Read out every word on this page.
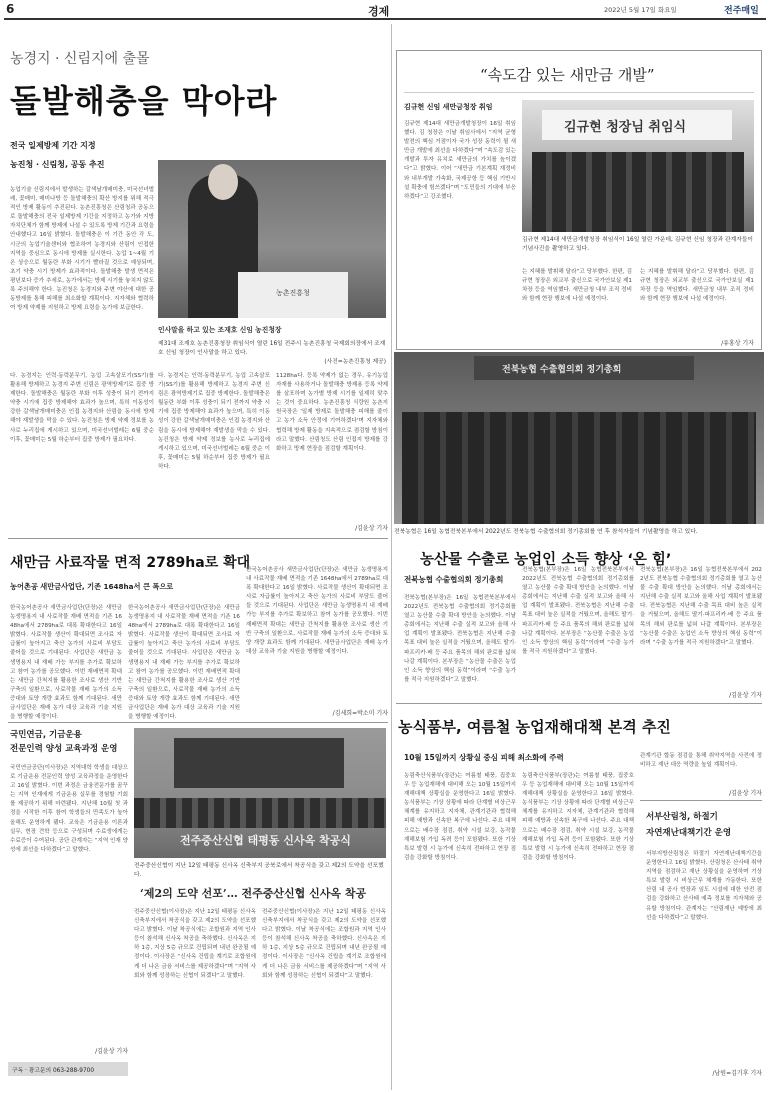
6	경제	2022년 5월 17일 화요일	전주매일
농경지 · 신림지에 출몰
돌발해충을 막아라
전국 일제방제 기간 지정
농진청 · 신림청, 공동 추진
농업기술 신림지에서 발생하는 갈색날개매미충, 미국선녀벌레, 꽃매미, 매미나방 등 돌발해충의 확산 방지를 위해 적극적인 방제 활동이 추진된다. 농촌진흥청은 산림청과 공동으로 돌발해충의 전국 일제방제 기간을 지정하고 농가와 지방자치단체가 함께 방제에 나설 수 있도록 방제 기간과 요령을 안내했다고 16일 밝혔다. 돌발해충은 이 기간 동안 각 도, 시군의 농업기술센터와 협조하여 농경지와 산림이 인접한 지역을 중심으로 동시에 방제를 실시한다. 농업 1~4월 기온 상승으로 월동란 부화 시기가 빨라질 것으로 예상되며, 초기 약충 시기 방제가 효과적이다. 돌발해충 발생 면적은 평년보다 증가 추세로, 농가에서는 방제 시기를 놓치지 않도록 주의해야 한다. 농진청은 농경지와 주변 야산에 대한 공동방제를 통해 피해를 최소화할 계획이다. 지자체와 협력하여 방제 약제를 지원하고 방제 요령을 농가에 보급한다.
농촌진흥청
인사말을 하고 있는 조재호 신임 농진청장
제31대 조재호 농촌진흥청장 취임식이 열린 16일 전주시 농촌진흥청 국제회의장에서 조재호 신임 청장이 인사말을 하고 있다.
(사진=농촌진흥청 제공)
다. 농경지는 인력·동력분무기, 농업 고속살포기(SS기)를 활용해 방제하고 농경지 주변 신림은 광역방제기로 집중 방제한다. 돌발해충은 월동란 부화 이후 성충이 되기 전까지 약충 시기에 집중 방제해야 효과가 높으며, 특히 이동성이 강한 갈색날개매미충은 인접 농경지와 산림을 동시에 방제해야 재발생을 막을 수 있다. 농진청은 방제 약제 정보를 농사로 누리집에 게시하고 있으며, 미국선녀벌레는 6월 중순 이후, 꽃매미는 5월 하순부터 집중 방제가 필요하다.
1128ha다. 등록 약제가 없는 경우, 유기농업자재를 사용하거나 돌발해충 방제용 등록 약제를 살포하며 농가별 방제 시기를 일제히 맞추는 것이 중요하다. 농촌진흥청 식량원 농촌지원국장은 '일제 방제로 돌발해충 피해를 줄이고 농가 소득 안정에 기여하겠다'며 지자체와 협력해 방제 활동을 지속적으로 점검할 방침이라고 말했다. 산림청도 산림 인접지 방제를 강화하고 방제 현장을 점검할 계획이다.
다. 농경지는 인력·동력분무기, 농업 고속살포기(SS기)를 활용해 방제하고 농경지 주변 신림은 광역방제기로 집중 방제한다. 돌발해충은 월동란 부화 이후 성충이 되기 전까지 약충 시기에 집중 방제해야 효과가 높으며, 특히 이동성이 강한 갈색날개매미충은 인접 농경지와 산림을 동시에 방제해야 재발생을 막을 수 있다. 농진청은 방제 약제 정보를 농사로 누리집에 게시하고 있으며, 미국선녀벌레는 6월 중순 이후, 꽃매미는 5월 하순부터 집중 방제가 필요하다.
/김윤상 기자
새만금 사료작물 면적 2789ha로 확대
농어촌공 새만금사업단, 기존 1648ha서 큰 폭으로
한국농어촌공사 새만금사업단(단장)은 새만금 농생명용지 내 사료작물 재배 면적을 기존 1648ha에서 2789ha로 대폭 확대한다고 16일 밝혔다. 사료작물 생산이 확대되면 조사료 자급률이 높아지고 축산 농가의 사료비 부담도 줄어들 것으로 기대된다. 사업단은 새만금 농생명용지 내 재배 가능 부지를 추가로 확보하고 참여 농가를 공모했다. 이번 재배면적 확대는 새만금 간척지를 활용한 조사료 생산 기반 구축의 일환으로, 사료작물 재배 농가의 소득 증대와 토양 개량 효과도 함께 기대된다. 새만금사업단은 재배 농가 대상 교육과 기술 지원을 병행할 예정이다.
한국농어촌공사 새만금사업단(단장)은 새만금 농생명용지 내 사료작물 재배 면적을 기존 1648ha에서 2789ha로 대폭 확대한다고 16일 밝혔다. 사료작물 생산이 확대되면 조사료 자급률이 높아지고 축산 농가의 사료비 부담도 줄어들 것으로 기대된다. 사업단은 새만금 농생명용지 내 재배 가능 부지를 추가로 확보하고 참여 농가를 공모했다. 이번 재배면적 확대는 새만금 간척지를 활용한 조사료 생산 기반 구축의 일환으로, 사료작물 재배 농가의 소득 증대와 토양 개량 효과도 함께 기대된다. 새만금사업단은 재배 농가 대상 교육과 기술 지원을 병행할 예정이다.
한국농어촌공사 새만금사업단(단장)은 새만금 농생명용지 내 사료작물 재배 면적을 기존 1648ha에서 2789ha로 대폭 확대한다고 16일 밝혔다. 사료작물 생산이 확대되면 조사료 자급률이 높아지고 축산 농가의 사료비 부담도 줄어들 것으로 기대된다. 사업단은 새만금 농생명용지 내 재배 가능 부지를 추가로 확보하고 참여 농가를 공모했다. 이번 재배면적 확대는 새만금 간척지를 활용한 조사료 생산 기반 구축의 일환으로, 사료작물 재배 농가의 소득 증대와 토양 개량 효과도 함께 기대된다. 새만금사업단은 재배 농가 대상 교육과 기술 지원을 병행할 예정이다.
/김세희=박소미 기자
국민연금, 기금운용
전문인력 양성 교육과정 운영
국민연금공단(이사장)은 지역대학 학생을 대상으로 기금운용 전문인력 양성 교육과정을 운영한다고 16일 밝혔다. 이번 과정은 금융전문가를 꿈꾸는 지역 인재에게 기금운용 실무를 경험할 기회를 제공하기 위해 마련됐다. 지난해 10월 첫 과정을 시작한 이후 참여 학생들의 만족도가 높아 올해도 운영하게 됐다. 교육은 기금운용 이론과 실무, 현장 견학 등으로 구성되며 수료생에게는 수료증이 수여된다. 공단 관계자는 “지역 인재 양성에 최선을 다하겠다”고 말했다.
/김윤상 기자
구독 · 광고문의 063-288-9700
전주중산신협 태평동 신사옥 착공식
전주중산신협이 지난 12일 태평동 신사옥 신축부지 공북로에서 착공식을 갖고 제2의 도약을 선포했다.
‘제2의 도약 선포’… 전주중산신협 신사옥 착공
전주중산신협(이사장)은 지난 12일 태평동 신사옥 신축부지에서 착공식을 갖고 제2의 도약을 선포했다고 밝혔다. 이날 착공식에는 조합원과 지역 인사 등이 참석해 신사옥 착공을 축하했다. 신사옥은 지하 1층, 지상 5층 규모로 건립되며 내년 완공될 예정이다. 이사장은 “신사옥 건립을 계기로 조합원에게 더 나은 금융 서비스를 제공하겠다”며 “지역 사회와 함께 성장하는 신협이 되겠다”고 말했다.
전주중산신협(이사장)은 지난 12일 태평동 신사옥 신축부지에서 착공식을 갖고 제2의 도약을 선포했다고 밝혔다. 이날 착공식에는 조합원과 지역 인사 등이 참석해 신사옥 착공을 축하했다. 신사옥은 지하 1층, 지상 5층 규모로 건립되며 내년 완공될 예정이다. 이사장은 “신사옥 건립을 계기로 조합원에게 더 나은 금융 서비스를 제공하겠다”며 “지역 사회와 함께 성장하는 신협이 되겠다”고 말했다.
“속도감 있는 새만금 개발”
김규현 신임 새만금청장 취임
김규현 제14대 새만금개발청장이 16일 취임했다. 김 청장은 이날 취임사에서 “지역 균형발전의 핵심 거점이자 국가 성장 동력이 될 새만금 개발에 최선을 다하겠다”며 “속도감 있는 개발과 투자 유치로 새만금의 가치를 높이겠다”고 밝혔다. 이어 “새만금 기본계획 재정비와 내부개발 가속화, 국제공항 등 핵심 기반시설 확충에 힘쓰겠다”며 “도민들의 기대에 부응하겠다”고 강조했다.
김규현 청장님 취임식
김규현 제14대 새만금개발청장 취임식이 16일 열린 가운데, 김규현 신임 청장과 관계자들이 기념사진을 촬영하고 있다.
는 지혜를 발휘해 달라”고 당부했다. 한편, 김규현 청장은 외교부 출신으로 국가안보실 제1차장 등을 역임했다. 새만금청 내부 조직 정비와 함께 현장 행보에 나설 예정이다.
는 지혜를 발휘해 달라”고 당부했다. 한편, 김규현 청장은 외교부 출신으로 국가안보실 제1차장 등을 역임했다. 새만금청 내부 조직 정비와 함께 현장 행보에 나설 예정이다.
/유홍상 기자
전북농협 수출협의회 정기총회
전북농협은 16일 농협전북본부에서 2022년도 전북농협 수출협의회 정기총회를 연 후 참석자들이 기념촬영을 하고 있다.
농산물 수출로 농업인 소득 향상 ‘온 힘’
전북농협 수출협의회 정기총회
전북농협(본부장)은 16일 농협전북본부에서 2022년도 전북농협 수출협의회 정기총회를 열고 농산물 수출 확대 방안을 논의했다. 이날 총회에서는 지난해 수출 실적 보고와 올해 사업 계획이 발표됐다. 전북농협은 지난해 수출 목표 대비 높은 실적을 거뒀으며, 올해도 딸기·파프리카·배 등 주요 품목의 해외 판로를 넓혀 나갈 계획이다. 본부장은 “농산물 수출은 농업인 소득 향상의 핵심 동력”이라며 “수출 농가를 적극 지원하겠다”고 말했다.
전북농협(본부장)은 16일 농협전북본부에서 2022년도 전북농협 수출협의회 정기총회를 열고 농산물 수출 확대 방안을 논의했다. 이날 총회에서는 지난해 수출 실적 보고와 올해 사업 계획이 발표됐다. 전북농협은 지난해 수출 목표 대비 높은 실적을 거뒀으며, 올해도 딸기·파프리카·배 등 주요 품목의 해외 판로를 넓혀 나갈 계획이다. 본부장은 “농산물 수출은 농업인 소득 향상의 핵심 동력”이라며 “수출 농가를 적극 지원하겠다”고 말했다.
전북농협(본부장)은 16일 농협전북본부에서 2022년도 전북농협 수출협의회 정기총회를 열고 농산물 수출 확대 방안을 논의했다. 이날 총회에서는 지난해 수출 실적 보고와 올해 사업 계획이 발표됐다. 전북농협은 지난해 수출 목표 대비 높은 실적을 거뒀으며, 올해도 딸기·파프리카·배 등 주요 품목의 해외 판로를 넓혀 나갈 계획이다. 본부장은 “농산물 수출은 농업인 소득 향상의 핵심 동력”이라며 “수출 농가를 적극 지원하겠다”고 말했다.
/김윤상 기자
농식품부, 여름철 농업재해대책 본격 추진
10월 15일까지 상황실 중심 피해 최소화에 주력
농림축산식품부(장관)는 여름철 태풍, 집중호우 등 농업재해에 대비해 오는 10월 15일까지 재해대책 상황실을 운영한다고 16일 밝혔다. 농식품부는 기상 상황에 따라 단계별 비상근무 체계를 유지하고 지자체, 관계기관과 협력해 피해 예방과 신속한 복구에 나선다. 주요 대책으로는 배수장 점검, 취약 시설 보강, 농작물 재해보험 가입 독려 등이 포함됐다. 또한 기상특보 발령 시 농가에 신속히 전파하고 현장 점검을 강화할 방침이다.
농림축산식품부(장관)는 여름철 태풍, 집중호우 등 농업재해에 대비해 오는 10월 15일까지 재해대책 상황실을 운영한다고 16일 밝혔다. 농식품부는 기상 상황에 따라 단계별 비상근무 체계를 유지하고 지자체, 관계기관과 협력해 피해 예방과 신속한 복구에 나선다. 주요 대책으로는 배수장 점검, 취약 시설 보강, 농작물 재해보험 가입 독려 등이 포함됐다. 또한 기상특보 발령 시 농가에 신속히 전파하고 현장 점검을 강화할 방침이다.
관계기관 합동 점검을 통해 취약지역을 사전에 정비하고 재난 대응 역량을 높일 계획이다.
/김윤상 기자
서부산림청, 하절기
자연재난대책기간 운영
서부지방산림청은 하절기 자연재난대책기간을 운영한다고 16일 밝혔다. 산림청은 산사태 취약지역을 점검하고 재난 상황실을 운영하며 기상 특보 발령 시 비상근무 체계를 가동한다. 또한 산림 내 공사 현장과 임도 시설에 대한 안전 점검을 강화하고 산사태 예측 정보를 지자체와 공유할 방침이다. 관계자는 “산림재난 예방에 최선을 다하겠다”고 말했다.
/남원=김기후 기자
